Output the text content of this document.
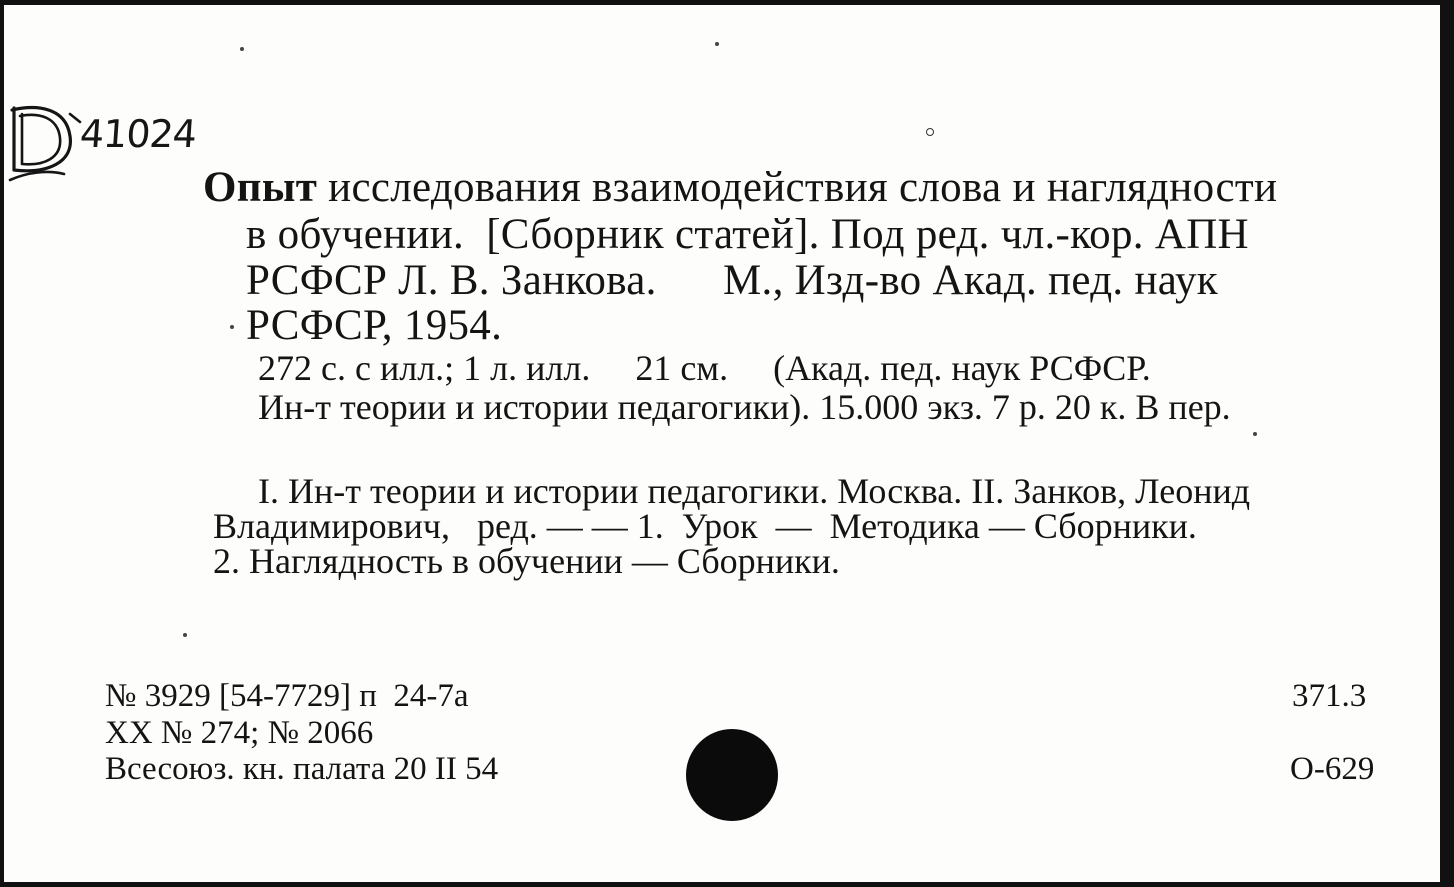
41024
Опыт исследования взаимодействия слова и наглядности
в обучении.  [Сборник статей]. Под ред. чл.-кор. АПН
РСФСР Л. В. Занкова.      М., Изд-во Акад. пед. наук
РСФСР, 1954.
272 с. с илл.; 1 л. илл.     21 см.     (Акад. пед. наук РСФСР.
Ин-т теории и истории педагогики). 15.000 экз. 7 р. 20 к. В пер.
I. Ин-т теории и истории педагогики. Москва. II. Занков, Леонид
Владимирович,   ред. — — 1.  Урок  —  Методика — Сборники.
2. Наглядность в обучении — Сборники.
№ 3929 [54-7729] п  24-7а
XX № 274; № 2066
Всесоюз. кн. палата 20 II 54
371.3
О-629
